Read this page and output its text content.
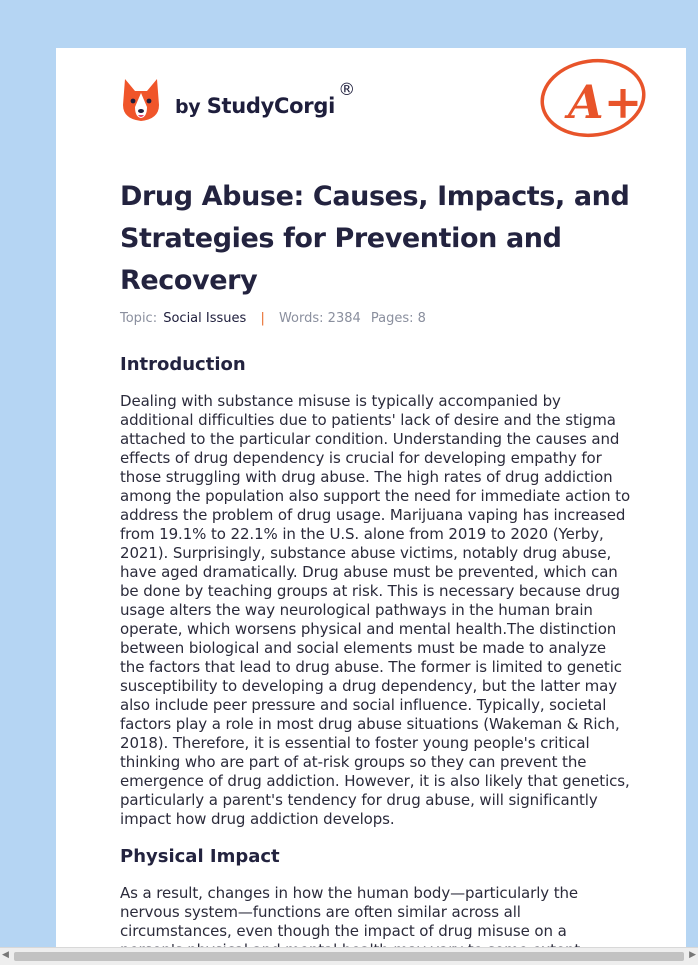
by StudyCorgi
®	A+
Drug Abuse: Causes, Impacts, and Strategies for Prevention and Recovery
Topic: Social Issues | Words: 2384 Pages: 8
Introduction

Dealing with substance misuse is typically accompanied by additional difficulties due to patients' lack of desire and the stigma attached to the particular condition. Understanding the causes and effects of drug dependency is crucial for developing empathy for those struggling with drug abuse. The high rates of drug addiction among the population also support the need for immediate action to address the problem of drug usage. Marijuana vaping has increased from 19.1% to 22.1% in the U.S. alone from 2019 to 2020 (Yerby, 2021). Surprisingly, substance abuse victims, notably drug abuse, have aged dramatically. Drug abuse must be prevented, which can be done by teaching groups at risk. This is necessary because drug usage alters the way neurological pathways in the human brain operate, which worsens physical and mental health.The distinction between biological and social elements must be made to analyze the factors that lead to drug abuse. The former is limited to genetic susceptibility to developing a drug dependency, but the latter may also include peer pressure and social influence. Typically, societal factors play a role in most drug abuse situations (Wakeman & Rich, 2018). Therefore, it is essential to foster young people's critical thinking who are part of at-risk groups so they can prevent the emergence of drug addiction. However, it is also likely that genetics, particularly a parent's tendency for drug abuse, will significantly impact how drug addiction develops.

Physical Impact

As a result, changes in how the human body—particularly the nervous system—functions are often similar across all circumstances, even though the impact of drug misuse on a

◀	▶
